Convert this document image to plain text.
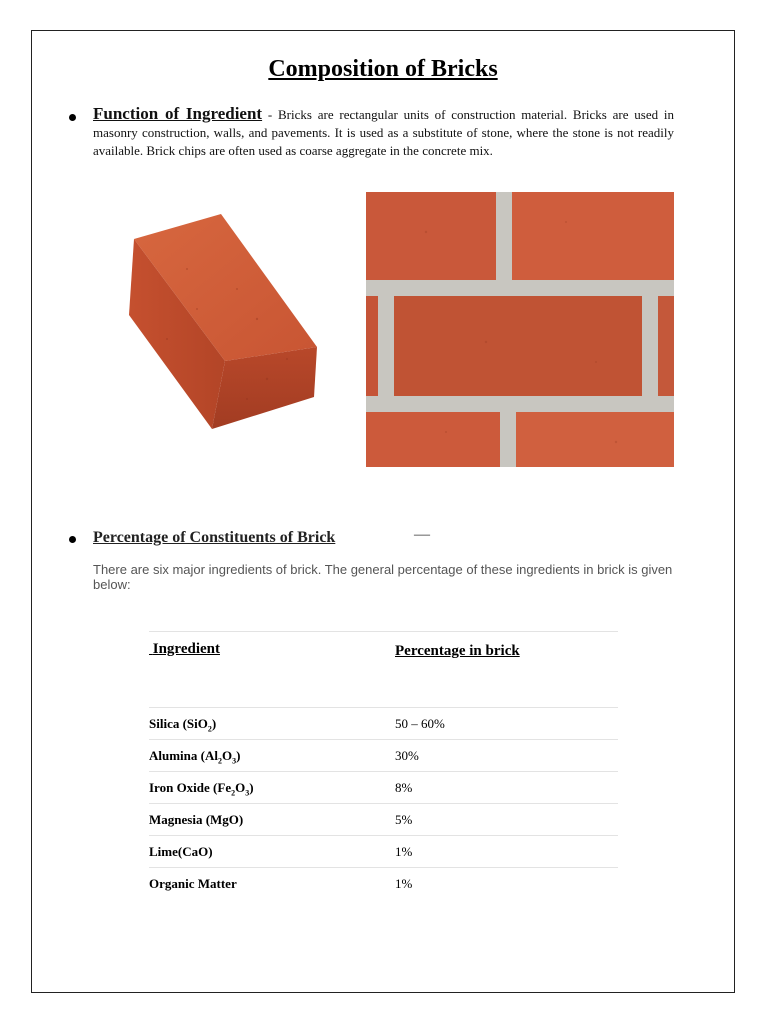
Composition of Bricks
Function of Ingredient - Bricks are rectangular units of construction material. Bricks are used in masonry construction, walls, and pavements. It is used as a substitute of stone, where the stone is not readily available. Brick chips are often used as coarse aggregate in the concrete mix.
Percentage of Constituents of Brick	—
There are six major ingredients of brick. The general percentage of these ingredients in brick is given below:
Ingredient	Percentage in brick
Silica (SiO$_2$)	50 – 60%
Alumina $(Al_2O_3)$	30%
Iron Oxide $(Fe_2O_3)$	8%
Magnesia (MgO)	5%
Lime(CaO)	1%
Organic Matter	1%
